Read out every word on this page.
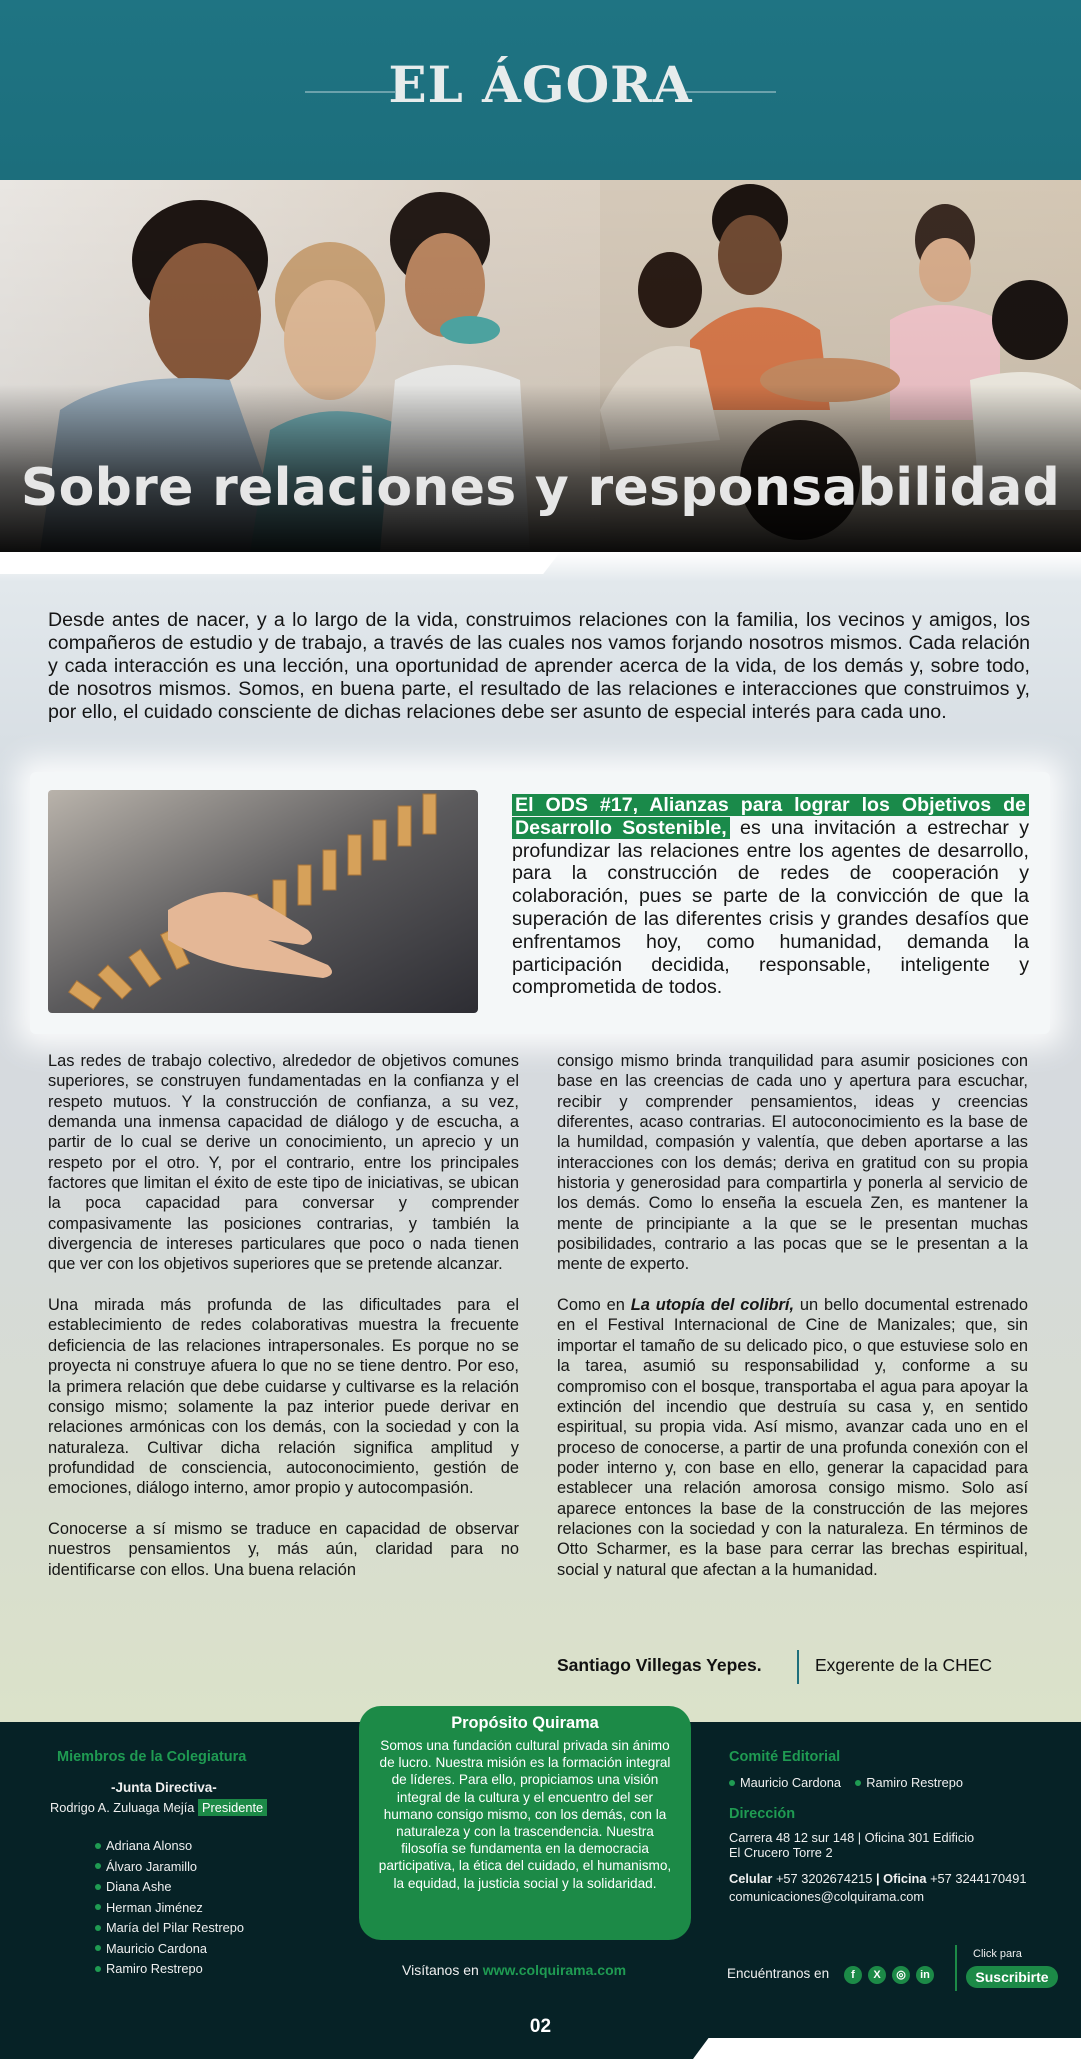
EL ÁGORA
Sobre relaciones y responsabilidad

Desde antes de nacer, y a lo largo de la vida, construimos relaciones con la familia, los vecinos y amigos, los compañeros de estudio y de trabajo, a través de las cuales nos vamos forjando nosotros mismos. Cada relación y cada interacción es una lección, una oportunidad de aprender acerca de la vida, de los demás y, sobre todo, de nosotros mismos. Somos, en buena parte, el resultado de las relaciones e interacciones que construimos y, por ello, el cuidado consciente de dichas relaciones debe ser asunto de especial interés para cada uno.

El ODS #17, Alianzas para lograr los Objetivos de Desarrollo Sostenible, es una invitación a estrechar y profundizar las relaciones entre los agentes de desarrollo, para la construcción de redes de cooperación y colaboración, pues se parte de la convicción de que la superación de las diferentes crisis y grandes desafíos que enfrentamos hoy, como humanidad, demanda la participación decidida, responsable, inteligente y comprometida de todos.

Las redes de trabajo colectivo, alrededor de objetivos comunes superiores, se construyen fundamentadas en la confianza y el respeto mutuos. Y la construcción de confianza, a su vez, demanda una inmensa capacidad de diálogo y de escucha, a partir de lo cual se derive un conocimiento, un aprecio y un respeto por el otro. Y, por el contrario, entre los principales factores que limitan el éxito de este tipo de iniciativas, se ubican la poca capacidad para conversar y comprender compasivamente las posiciones contrarias, y también la divergencia de intereses particulares que poco o nada tienen que ver con los objetivos superiores que se pretende alcanzar.

Una mirada más profunda de las dificultades para el establecimiento de redes colaborativas muestra la frecuente deficiencia de las relaciones intrapersonales. Es porque no se proyecta ni construye afuera lo que no se tiene dentro. Por eso, la primera relación que debe cuidarse y cultivarse es la relación consigo mismo; solamente la paz interior puede derivar en relaciones armónicas con los demás, con la sociedad y con la naturaleza. Cultivar dicha relación significa amplitud y profundidad de consciencia, autoconocimiento, gestión de emociones, diálogo interno, amor propio y autocompasión.

Conocerse a sí mismo se traduce en capacidad de observar nuestros pensamientos y, más aún, claridad para no identificarse con ellos. Una buena relación

consigo mismo brinda tranquilidad para asumir posiciones con base en las creencias de cada uno y apertura para escuchar, recibir y comprender pensamientos, ideas y creencias diferentes, acaso contrarias. El autoconocimiento es la base de la humildad, compasión y valentía, que deben aportarse a las interacciones con los demás; deriva en gratitud con su propia historia y generosidad para compartirla y ponerla al servicio de los demás. Como lo enseña la escuela Zen, es mantener la mente de principiante a la que se le presentan muchas posibilidades, contrario a las pocas que se le presentan a la mente de experto.

Como en La utopía del colibrí, un bello documental estrenado en el Festival Internacional de Cine de Manizales; que, sin importar el tamaño de su delicado pico, o que estuviese solo en la tarea, asumió su responsabilidad y, conforme a su compromiso con el bosque, transportaba el agua para apoyar la extinción del incendio que destruía su casa y, en sentido espiritual, su propia vida. Así mismo, avanzar cada uno en el proceso de conocerse, a partir de una profunda conexión con el poder interno y, con base en ello, generar la capacidad para establecer una relación amorosa consigo mismo. Solo así aparece entonces la base de la construcción de las mejores relaciones con la sociedad y con la naturaleza. En términos de Otto Scharmer, es la base para cerrar las brechas espiritual, social y natural que afectan a la humanidad.

Santiago Villegas Yepes.	Exgerente de la CHEC
Miembros de la Colegiatura
-Junta Directiva-
Rodrigo A. Zuluaga Mejía Presidente
Adriana Alonso
Álvaro Jaramillo
Diana Ashe
Herman Jiménez
María del Pilar Restrepo
Mauricio Cardona
Ramiro Restrepo
Propósito Quirama

Somos una fundación cultural privada sin ánimo de lucro. Nuestra misión es la formación integral de líderes. Para ello, propiciamos una visión integral de la cultura y el encuentro del ser humano consigo mismo, con los demás, con la naturaleza y con la trascendencia. Nuestra filosofía se fundamenta en la democracia participativa, la ética del cuidado, el humanismo, la equidad, la justicia social y la solidaridad.

Visítanos en www.colquirama.com
Comité Editorial
Mauricio Cardona Ramiro Restrepo
Dirección
Carrera 48 12 sur 148 | Oficina 301 Edificio
El Crucero Torre 2
Celular +57 3202674215 | Oficina +57 3244170491
comunicaciones@colquirama.com
Encuéntranos en	f X ◎ in
Click para
Suscribirte
02
